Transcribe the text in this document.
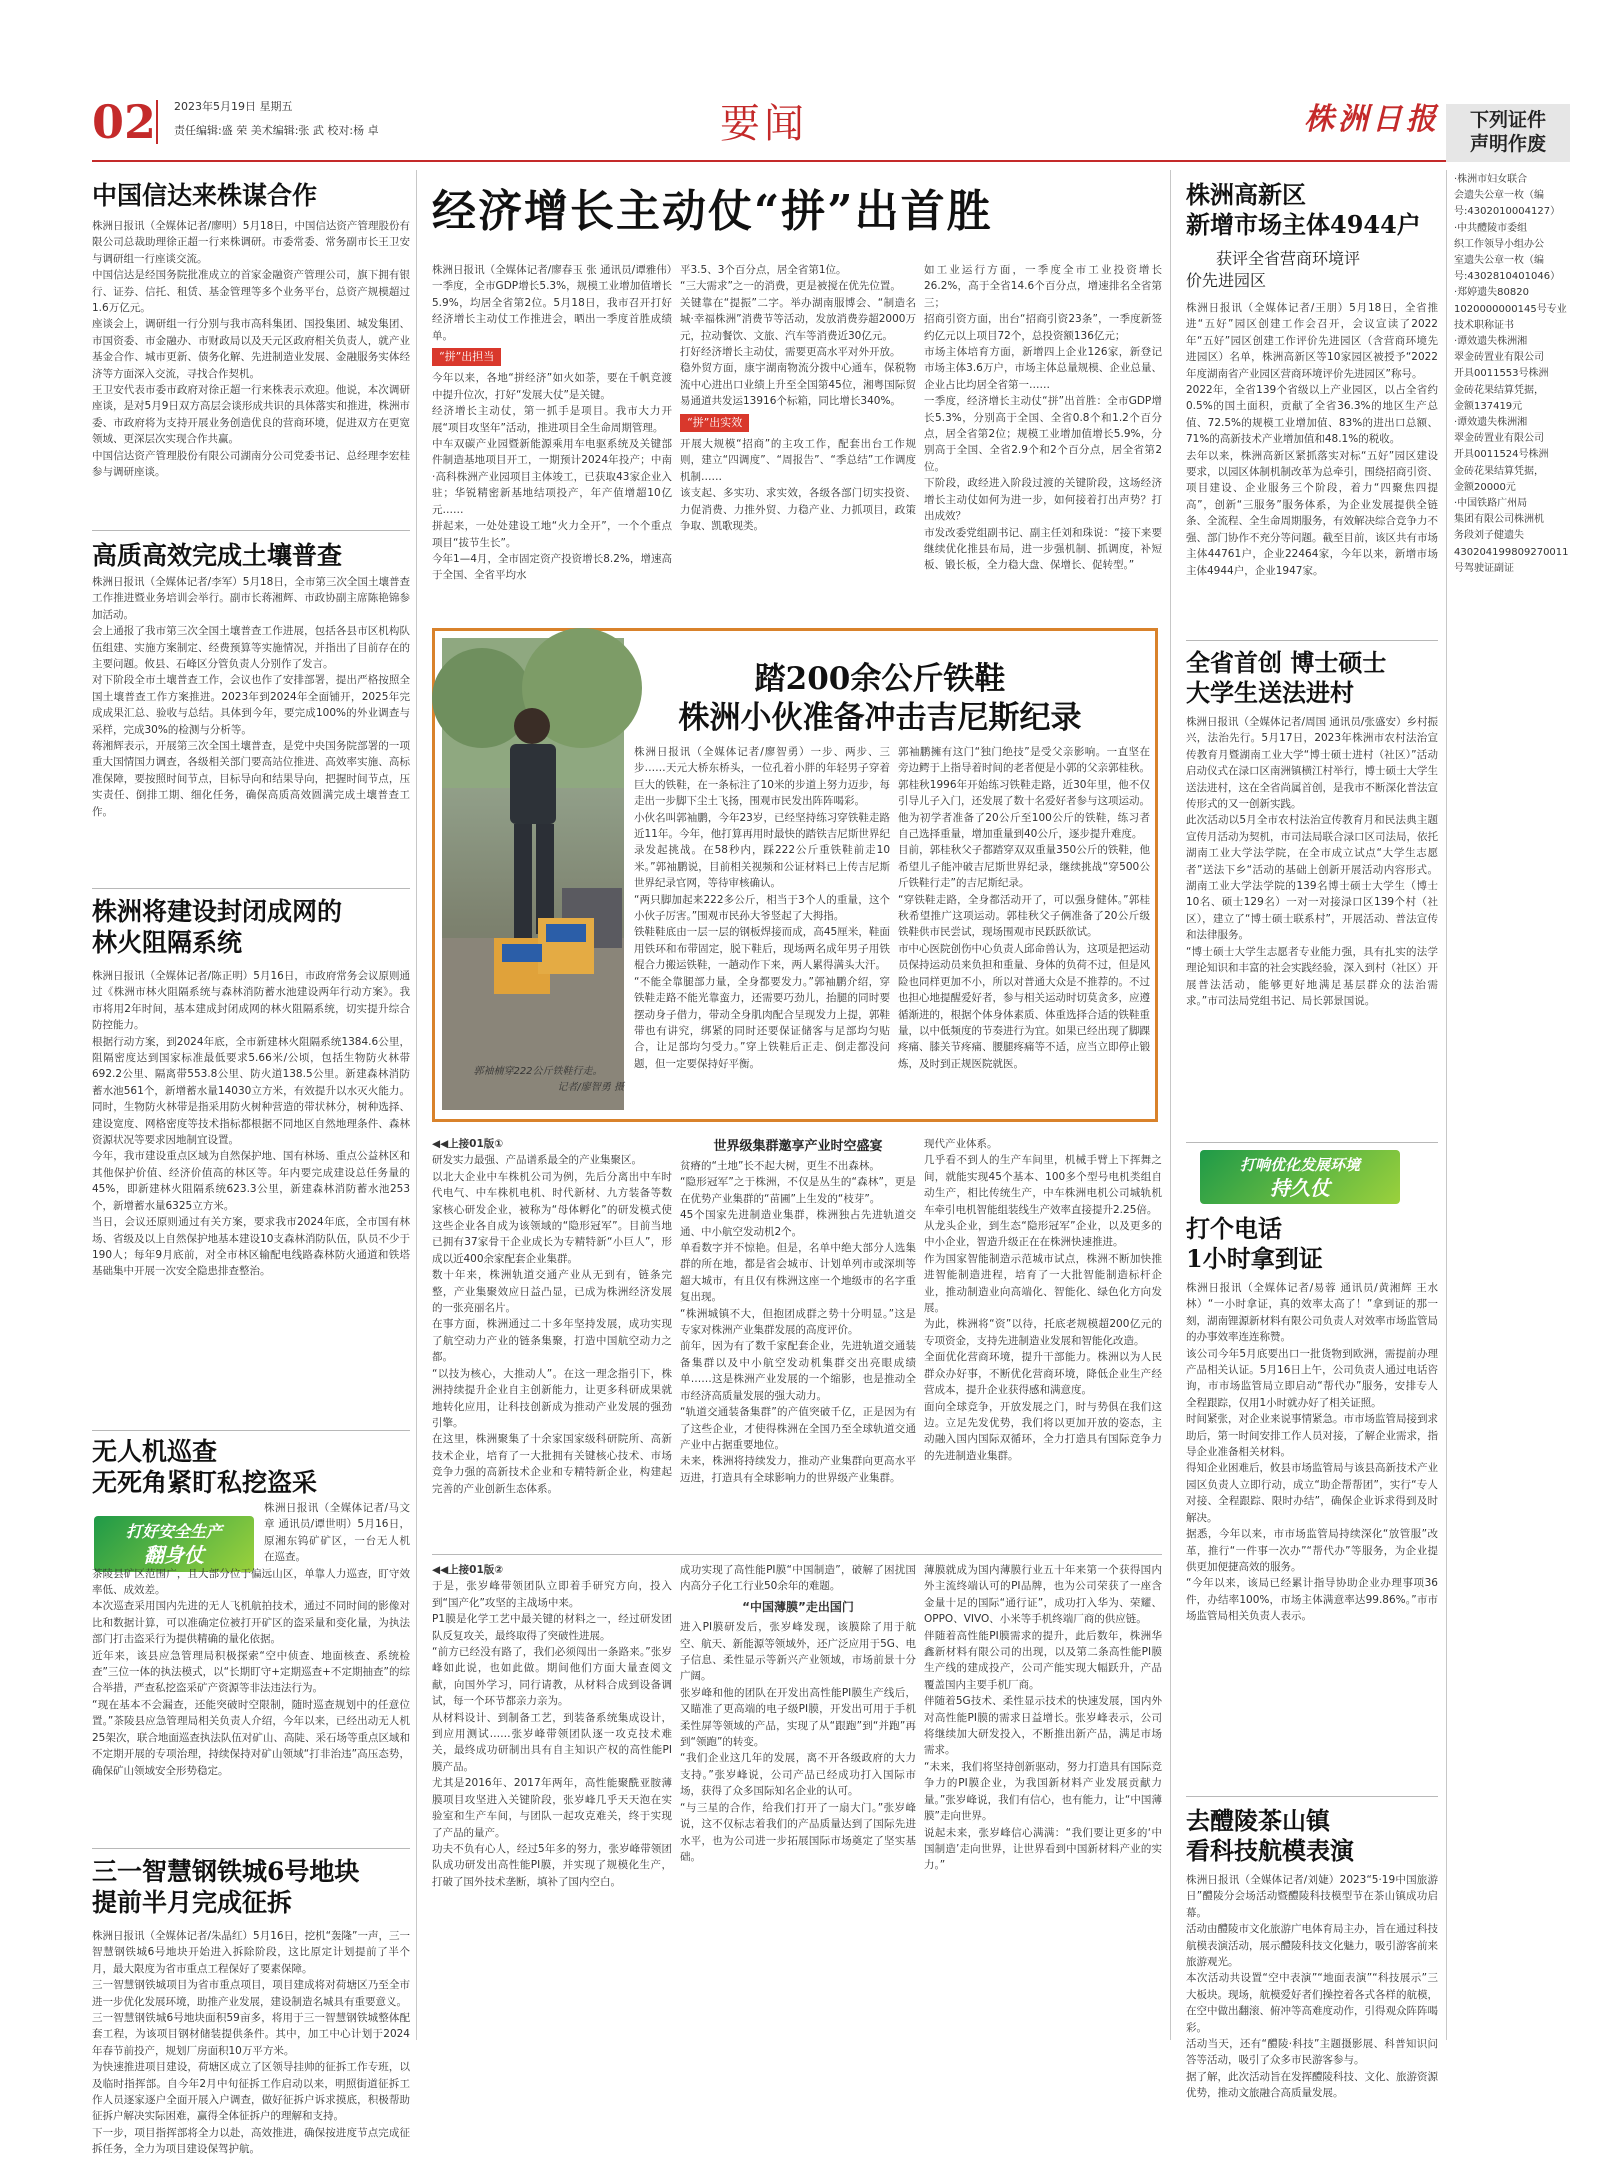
02 2023年5月19日 星期五
责任编辑:盛 荣 美术编辑:张 武 校对:杨 卓	要闻	株洲日报	下列证件
声明作废
中国信达来株谋合作
株洲日报讯（全媒体记者/廖明）5月18日，中国信达资产管理股份有限公司总裁助理徐正超一行来株调研。市委常委、常务副市长王卫安与调研组一行座谈交流。
中国信达是经国务院批准成立的首家金融资产管理公司，旗下拥有银行、证券、信托、租赁、基金管理等多个业务平台，总资产规模超过1.6万亿元。
座谈会上，调研组一行分别与我市高科集团、国投集团、城发集团、市国资委、市金融办、市财政局以及天元区政府相关负责人，就产业基金合作、城市更新、债务化解、先进制造业发展、金融服务实体经济等方面深入交流，寻找合作契机。
王卫安代表市委市政府对徐正超一行来株表示欢迎。他说，本次调研座谈，是对5月9日双方高层会谈形成共识的具体落实和推进，株洲市委、市政府将为支持开展业务创造优良的营商环境，促进双方在更宽领域、更深层次实现合作共赢。
中国信达资产管理股份有限公司湖南分公司党委书记、总经理李宏桂参与调研座谈。
高质高效完成土壤普查
株洲日报讯（全媒体记者/李军）5月18日，全市第三次全国土壤普查工作推进暨业务培训会举行。副市长蒋湘辉、市政协副主席陈艳锦参加活动。
会上通报了我市第三次全国土壤普查工作进展，包括各县市区机构队伍组建、实施方案制定、经费预算等实施情况，并指出了目前存在的主要问题。攸县、石峰区分管负责人分别作了发言。
对下阶段全市土壤普查工作，会议也作了安排部署，提出严格按照全国土壤普查工作方案推进。2023年到2024年全面铺开，2025年完成成果汇总、验收与总结。具体到今年，要完成100%的外业调查与采样，完成30%的检测与分析等。
蒋湘辉表示，开展第三次全国土壤普查，是党中央国务院部署的一项重大国情国力调查，各级相关部门要高站位推进、高效率实施、高标准保障，要按照时间节点，目标导向和结果导向，把握时间节点，压实责任、倒排工期、细化任务，确保高质高效圆满完成土壤普查工作。
株洲将建设封闭成网的
林火阻隔系统
株洲日报讯（全媒体记者/陈正明）5月16日，市政府常务会议原则通过《株洲市林火阻隔系统与森林消防蓄水池建设两年行动方案》。我市将用2年时间，基本建成封闭成网的林火阻隔系统，切实提升综合防控能力。
根据行动方案，到2024年底，全市新建林火阻隔系统1384.6公里，阻隔密度达到国家标准最低要求5.66米/公顷，包括生物防火林带692.2公里、隔离带553.8公里、防火道138.5公里。新建森林消防蓄水池561个，新增蓄水量14030立方米，有效提升以水灭火能力。同时，生物防火林带是指采用防火树种营造的带状林分，树种选择、建设宽度、网格密度等技术指标都根据不同地区自然地理条件、森林资源状况等要求因地制宜设置。
今年，我市建设重点区域为自然保护地、国有林场、重点公益林区和其他保护价值、经济价值高的林区等。年内要完成建设总任务量的45%，即新建林火阻隔系统623.3公里，新建森林消防蓄水池253个，新增蓄水量6325立方米。
当日，会议还原则通过有关方案，要求我市2024年底，全市国有林场、省级及以上自然保护地基本建设10支森林消防队伍，队员不少于190人；每年9月底前，对全市林区输配电线路森林防火通道和铁塔基础集中开展一次安全隐患排查整治。
无人机巡查
无死角紧盯私挖盗采
打好安全生产
翻身仗
株洲日报讯（全媒体记者/马文章 通讯员/谭世明）5月16日，原湘东钨矿矿区，一台无人机在巡查。
茶陵县矿区范围广，且大部分位于偏远山区，单靠人力巡查，盯守效率低、成效差。
本次巡查采用国内先进的无人飞机航拍技术，通过不同时间的影像对比和数据计算，可以准确定位被打开矿区的盗采量和变化量，为执法部门打击盗采行为提供精确的量化依据。
近年来，该县应急管理局积极探索“空中侦查、地面核查、系统检查”三位一体的执法模式，以“长期盯守+定期巡查+不定期抽查”的综合举措，严查私挖盗采矿产资源等非法违法行为。
“现在基本不会漏查，还能突破时空限制，随时巡查规划中的任意位置。”茶陵县应急管理局相关负责人介绍，今年以来，已经出动无人机25架次，联合地面巡查执法队伍对矿山、高陡、采石场等重点区域和不定期开展的专项治理，持续保持对矿山领域“打非治违”高压态势，确保矿山领域安全形势稳定。
三一智慧钢铁城6号地块
提前半月完成征拆
株洲日报讯（全媒体记者/朱晶红）5月16日，挖机“轰隆”一声，三一智慧钢铁城6号地块开始进入拆除阶段，这比原定计划提前了半个月，最大限度为省市重点工程保好了要素保障。
三一智慧钢铁城项目为省市重点项目，项目建成将对荷塘区乃至全市进一步优化发展环境，助推产业发展，建设制造名城具有重要意义。
三一智慧钢铁城6号地块面积59亩多，将用于三一智慧钢铁城整体配套工程，为该项目钢材储装提供条件。其中，加工中心计划于2024年春节前投产，规划厂房面积10万平方米。
为快速推进项目建设，荷塘区成立了区领导挂帅的征拆工作专班，以及临时指挥部。自今年2月中旬征拆工作启动以来，明照街道征拆工作人员逐家逐户全面开展入户调查，做好征拆户诉求摸底，积极帮助征拆户解决实际困难，赢得全体征拆户的理解和支持。
下一步，项目指挥部将全力以赴，高效推进，确保按进度节点完成征拆任务，全力为项目建设保驾护航。
经济增长主动仗“拼”出首胜
株洲日报讯（全媒体记者/廖春玉 张 通讯员/谭雅伟）一季度，全市GDP增长5.3%，规模工业增加值增长5.9%，均居全省第2位。5月18日，我市召开打好经济增长主动仗工作推进会，晒出一季度首胜成绩单。
“拼”出担当
今年以来，各地“拼经济”如火如荼，要在千帆竞渡中提升位次，打好“发展大仗”是关键。
经济增长主动仗，第一抓手是项目。我市大力开展“项目攻坚年”活动，推进项目全生命周期管理。
中车双碳产业园暨新能源乘用车电驱系统及关键部件制造基地项目开工，一期预计2024年投产；中南·高科株洲产业园项目主体竣工，已获取43家企业入驻；华锐精密新基地结项投产，年产值增超10亿元……
拼起来，一处处建设工地“火力全开”，一个个重点项目“拔节生长”。
今年1—4月，全市固定资产投资增长8.2%，增速高于全国、全省平均水
平3.5、3个百分点，居全省第1位。
“三大需求”之一的消费，更是被搅在优先位置。
关键靠在“提振”二字。举办湖南服博会、“制造名城·幸福株洲”消费节等活动，发放消费券超2000万元，拉动餐饮、文旅、汽车等消费近30亿元。
打好经济增长主动仗，需要更高水平对外开放。
稳外贸方面，康宇湖南物流分拨中心通车，保税物流中心进出口业绩上升至全国第45位，湘粤国际贸易通道共发运13916个标箱，同比增长340%。
“拼”出实效
开展大规模“招商”的主攻工作，配套出台工作规则，建立“四调度”、“周报告”、“季总结”工作调度机制……
该支起、多实功、求实效，各级各部门切实投资、力促消费、力推外贸、力稳产业、力抓项目，政策争取、凯歌现类。
如工业运行方面，一季度全市工业投资增长26.2%，高于全省14.6个百分点，增速排名全省第三；
招商引资方面，出台“招商引资23条”，一季度新签约亿元以上项目72个，总投资额136亿元；
市场主体培育方面，新增四上企业126家，新登记市场主体3.6万户，市场主体总量规模、企业总量、企业占比均居全省第一……
一季度，经济增长主动仗“拼”出首胜：全市GDP增长5.3%，分别高于全国、全省0.8个和1.2个百分点，居全省第2位；规模工业增加值增长5.9%，分别高于全国、全省2.9个和2个百分点，居全省第2位。
下阶段，政经进入阶段过渡的关键阶段，这场经济增长主动仗如何为进一步，如何接着打出声势？打出成效？
市发改委党组副书记、副主任刘和珠说：“接下来要继续优化推县布局，进一步强机制、抓调度，补短板、锻长板，全力稳大盘、保增长、促转型。”
踏200余公斤铁鞋
株洲小伙准备冲击吉尼斯纪录
郭袖楠穿222公斤铁鞋行走。
记者/廖智勇 摄
株洲日报讯（全媒体记者/廖智勇）一步、两步、三步……天元大桥东桥头，一位孔着小胖的年轻男子穿着巨大的铁鞋，在一条标注了10米的步道上努力迈步，每走出一步脚下尘土飞扬，围观市民发出阵阵喝彩。
小伙名叫郭袖鹏，今年23岁，已经坚持练习穿铁鞋走路近11年。今年，他打算再用时最快的踏铁吉尼斯世界纪录发起挑战。在58秒内，踩222公斤重铁鞋前走10米。”郭袖鹏说，目前相关视频和公证材料已上传吉尼斯世界纪录官网，等待审核确认。
“两只脚加起来222多公斤，相当于3个人的重量，这个小伙子厉害。”围观市民孙大爷竖起了大拇指。
铁鞋鞋底由一层一层的钢板焊接而成，高45厘米，鞋面用铁环和布带固定，脱下鞋后，现场两名成年男子用铁棍合力搬运铁鞋，一趟动作下来，两人累得满头大汗。
“不能全靠腿部力量，全身都要发力。”郭袖鹏介绍，穿铁鞋走路不能光靠蛮力，还需要巧劲儿，抬腿的同时要摆动身子借力，带动全身肌肉配合呈现发力上提，郭鞋带也有讲究，绑紧的同时还要保证储客与足部均匀贴合，让足部均匀受力。”穿上铁鞋后正走、倒走都没问题，但一定要保持好平衡。
郭袖鹏擁有这门“独门绝技”是受父亲影响。一直坚在旁边鳄于上指导着时间的老者便是小郭的父亲郭桂秋。
郭桂秋1996年开始练习铁鞋走路，近30年里，他不仅引导儿子入门，还发展了数十名爱好者参与这项运动。他为初学者准备了20公斤至100公斤的铁鞋，练习者自己选择重量，增加重量到40公斤，逐步提升难度。
目前，郭桂秋父子都踏穿双双重量350公斤的铁鞋，他希望儿子能冲破吉尼斯世界纪录，继续挑战“穿500公斤铁鞋行走”的吉尼斯纪录。
“穿铁鞋走路，全身都活动开了，可以强身健体。”郭桂秋希望推广这项运动。郭桂秋父子俩准备了20公斤级铁鞋供市民尝试，现场围观市民跃跃欲试。
市中心医院创伤中心负责人邱命兽认为，这项是把运动员保持运动员来负担和重量、身体的负荷不过，但是风险也同样更加不小，所以对普通大众是不推荐的。不过也担心地提醒爱好者，参与相关运动时切莫贪多，应遵循渐进的，根据个体身体素质、体重选择合适的铁鞋重量，以中低频度的节奏进行为宜。如果已经出现了脚踝疼痛、膝关节疼痛、腰腿疼痛等不适，应当立即停止锻炼，及时到正规医院就医。
◀◀上接01版①
研发实力最强、产品谱系最全的产业集聚区。
以北大企业中车株机公司为例，先后分离出中车时代电气、中车株机电机、时代新材、九方装备等数家核心研发企业，被称为“母体孵化”的研发模式使这些企业各自成为该领域的“隐形冠军”。目前当地已拥有37家骨干企业成长为专精特新“小巨人”，形成以近400余家配套企业集群。
数十年来，株洲轨道交通产业从无到有，链条完整，产业集聚效应日益凸显，已成为株洲经济发展的一张亮丽名片。
在事方面，株洲通过二十多年坚持发展，成功实现了航空动力产业的链条集聚，打造中国航空动力之都。
“以技为核心，大推动人”。在这一理念指引下，株洲持续提升企业自主创新能力，让更多科研成果就地转化应用，让科技创新成为推动产业发展的强劲引擎。
在这里，株洲聚集了十余家国家级科研院所、高新技术企业，培育了一大批拥有关键核心技术、市场竞争力强的高新技术企业和专精特新企业，构建起完善的产业创新生态体系。
世界级集群邀享产业时空盛宴
贫瘠的“土地”长不起大树，更生不出森林。
“隐形冠军”之于株洲，不仅是丛生的“森林”，更是在优势产业集群的“苗圃”上生发的“枝芽”。
45个国家先进制造业集群，株洲独占先进轨道交通、中小航空发动机2个。
单看数字并不惊艳。但是，名单中绝大部分人选集群的所在地，都是省会城市、计划单列市或深圳等超大城市，有且仅有株洲这座一个地级市的名字重复出现。
“株洲城镇不大，但抱团成群之势十分明显。”这是专家对株洲产业集群发展的高度评价。
前年，因为有了数千家配套企业，先进轨道交通装备集群以及中小航空发动机集群交出亮眼成绩单……这是株洲产业发展的一个缩影，也是推动全市经济高质量发展的强大动力。
“轨道交通装备集群”的产值突破千亿，正是因为有了这些企业，才使得株洲在全国乃至全球轨道交通产业中占据重要地位。
未来，株洲将持续发力，推动产业集群向更高水平迈进，打造具有全球影响力的世界级产业集群。
现代产业体系。
几乎看不到人的生产车间里，机械手臂上下挥舞之间，就能实现45个基本、100多个型号电机类组自动生产，相比传统生产，中车株洲电机公司城轨机车牵引电机智能组装线生产效率直接提升2.25倍。
从龙头企业，到生态“隐形冠军”企业，以及更多的中小企业，智造升级正在在株洲快速推进。
作为国家智能制造示范城市试点，株洲不断加快推进智能制造进程，培育了一大批智能制造标杆企业，推动制造业向高端化、智能化、绿色化方向发展。
为此，株洲将“资”以待，托底老规模超200亿元的专项资金，支持先进制造业发展和智能化改造。
全面优化营商环境，提升干部能力。株洲以为人民群众办好事，不断优化营商环境，降低企业生产经营成本，提升企业获得感和满意度。
面向全球竞争，开放发展之门，时与势俱在我们这边。立足先发优势，我们将以更加开放的姿态，主动融入国内国际双循环，全力打造具有国际竞争力的先进制造业集群。
◀◀上接01版②
于是，张岁峰带领团队立即着手研究方向，投入到“国产化”攻坚的主战场中来。
P1膜是化学工艺中最关键的材料之一，经过研发团队反复攻关，最终取得了突破性进展。
“前方已经没有路了，我们必须闯出一条路来。”张岁峰如此说，也如此做。期间他们方面大量查阅文献，向国外学习，同行请教，从材料合成到设备调试，每一个环节都亲力亲为。
从材料设计、到制备工艺，到装备系统集成设计，到应用测试……张岁峰带领团队逐一攻克技术难关，最终成功研制出具有自主知识产权的高性能PI膜产品。
尤其是2016年、2017年两年，高性能聚酰亚胺薄膜项目攻坚进入关键阶段，张岁峰几乎天天泡在实验室和生产车间，与团队一起攻克难关，终于实现了产品的量产。
功夫不负有心人，经过5年多的努力，张岁峰带领团队成功研发出高性能PI膜，并实现了规模化生产，打破了国外技术垄断，填补了国内空白。
成功实现了高性能PI膜“中国制造”，破解了困扰国内高分子化工行业50余年的难题。
“中国薄膜”走出国门
进入PI膜研发后，张岁峰发现，该膜除了用于航空、航天、新能源等领域外，还广泛应用于5G、电子信息、柔性显示等新兴产业领域，市场前景十分广阔。
张岁峰和他的团队在开发出高性能PI膜生产线后，又瞄准了更高端的电子级PI膜，开发出可用于手机柔性屏等领域的产品，实现了从“跟跑”到“并跑”再到“领跑”的转变。
“我们企业这几年的发展，离不开各级政府的大力支持。”张岁峰说，公司产品已经成功打入国际市场，获得了众多国际知名企业的认可。
“与三星的合作，给我们打开了一扇大门。”张岁峰说，这不仅标志着我们的产品质量达到了国际先进水平，也为公司进一步拓展国际市场奠定了坚实基础。
薄膜就成为国内薄膜行业五十年来第一个获得国内外主流终端认可的PI品牌，也为公司荣获了一座含金量十足的国际“通行证”，成功打入华为、荣耀、OPPO、VIVO、小米等手机终端厂商的供应链。
伴随着高性能PI膜需求的提升，此后数年，株洲华鑫新材料有限公司的出现，以及第二条高性能PI膜生产线的建成投产，公司产能实现大幅跃升，产品覆盖国内主要手机厂商。
伴随着5G技术、柔性显示技术的快速发展，国内外对高性能PI膜的需求日益增长。张岁峰表示，公司将继续加大研发投入，不断推出新产品，满足市场需求。
“未来，我们将坚持创新驱动，努力打造具有国际竞争力的PI膜企业，为我国新材料产业发展贡献力量。”张岁峰说，我们有信心，也有能力，让“中国薄膜”走向世界。
说起未来，张岁峰信心满满：“我们要让更多的‘中国制造’走向世界，让世界看到中国新材料产业的实力。”
株洲高新区
新增市场主体4944户
获评全省营商环境评
价先进园区
株洲日报讯（全媒体记者/王朋）5月18日，全省推进“五好”园区创建工作会召开，会议宣读了2022年“五好”园区创建工作评价先进园区（含营商环境先进园区）名单，株洲高新区等10家园区被授予“2022年度湖南省产业园区营商环境评价先进园区”称号。
2022年，全省139个省级以上产业园区，以占全省约0.5%的国土面积，贡献了全省36.3%的地区生产总值、72.5%的规模工业增加值、83%的进出口总额、71%的高新技术产业增加值和48.1%的税收。
去年以来，株洲高新区紧抓落实对标“五好”园区建设要求，以园区体制机制改革为总牵引，围绕招商引资、项目建设、企业服务三个阶段，着力“四聚焦四提高”，创新“三服务”服务体系，为企业发展提供全链条、全流程、全生命周期服务，有效解决综合竞争力不强、部门协作不充分等问题。截至目前，该区共有市场主体44761户，企业22464家，今年以来，新增市场主体4944户，企业1947家。
全省首创 博士硕士
大学生送法进村
株洲日报讯（全媒体记者/周国 通讯员/张盛安）乡村振兴，法治先行。5月17日，2023年株洲市农村法治宣传教育月暨湖南工业大学“博士硕士进村（社区）”活动启动仪式在渌口区南洲镇横江村举行，博士硕士大学生送法进村，这在全省尚属首创，是我市不断深化普法宣传形式的又一创新实践。
此次活动以5月全市农村法治宣传教育月和民法典主题宣传月活动为契机，市司法局联合渌口区司法局，依托湖南工业大学法学院，在全市成立试点“大学生志愿者”送法下乡“活动的基础上创新开展活动内容形式。湖南工业大学法学院的139名博士硕士大学生（博士10名、硕士129名）一对一对接渌口区139个村（社区），建立了“博士硕士联系村”，开展活动、普法宣传和法律服务。
“博士硕士大学生志愿者专业能力强，具有扎实的法学理论知识和丰富的社会实践经验，深入到村（社区）开展普法活动，能够更好地满足基层群众的法治需求。”市司法局党组书记、局长郭景国说。
打响优化发展环境
持久仗
打个电话
1小时拿到证
株洲日报讯（全媒体记者/易蓉 通讯员/黄湘辉 王水林）“一小时拿证，真的效率太高了！”拿到证的那一刻，湖南锂源新材料有限公司负责人对效率市场监管局的办事效率连连称赞。
该公司今年5月底要出口一批货物到欧洲，需提前办理产品相关认证。5月16日上午，公司负责人通过电话咨询，市市场监管局立即启动“帮代办”服务，安排专人全程跟踪，仅用1小时就办好了相关证照。
时间紧张，对企业来说事情紧急。市市场监管局接到求助后，第一时间安排工作人员对接，了解企业需求，指导企业准备相关材料。
得知企业困难后，攸县市场监管局与该县高新技术产业园区负责人立即行动，成立“助企帮帮团”，实行“专人对接、全程跟踪、限时办结”，确保企业诉求得到及时解决。
据悉，今年以来，市市场监管局持续深化“放管服”改革，推行“一件事一次办”“帮代办”等服务，为企业提供更加便捷高效的服务。
“今年以来，该局已经累计指导协助企业办理事项36件，办结率100%，市场主体满意率达99.86%。”市市场监管局相关负责人表示。
去醴陵茶山镇
看科技航模表演
株洲日报讯（全媒体记者/刘婕）2023“5·19中国旅游日”醴陵分会场活动暨醴陵科技模型节在茶山镇成功启幕。
活动由醴陵市文化旅游广电体育局主办，旨在通过科技航模表演活动，展示醴陵科技文化魅力，吸引游客前来旅游观光。
本次活动共设置“空中表演”“地面表演”“科技展示”三大板块。现场，航模爱好者们操控着各式各样的航模，在空中做出翻滚、俯冲等高难度动作，引得观众阵阵喝彩。
活动当天，还有“醴陵·科技”主题摄影展、科普知识问答等活动，吸引了众多市民游客参与。
据了解，此次活动旨在发挥醴陵科技、文化、旅游资源优势，推动文旅融合高质量发展。
·株洲市妇女联合
会遗失公章一枚（编
号:4302010004127）
·中共醴陵市委组
织工作领导小组办公
室遗失公章一枚（编
号:4302810401046）
·郑婷遗失80820
1020000000145号专业
技术职称证书
·谭效遗失株洲湘
翠金砖置业有限公司
开具0011553号株洲
金砖花果结算凭据，
金额137419元
·谭效遗失株洲湘
翠金砖置业有限公司
开具0011524号株洲
金砖花果结算凭据，
金额20000元
·中国铁路广州局
集团有限公司株洲机
务段刘子健遗失
430204199809270011
号驾驶证副证
